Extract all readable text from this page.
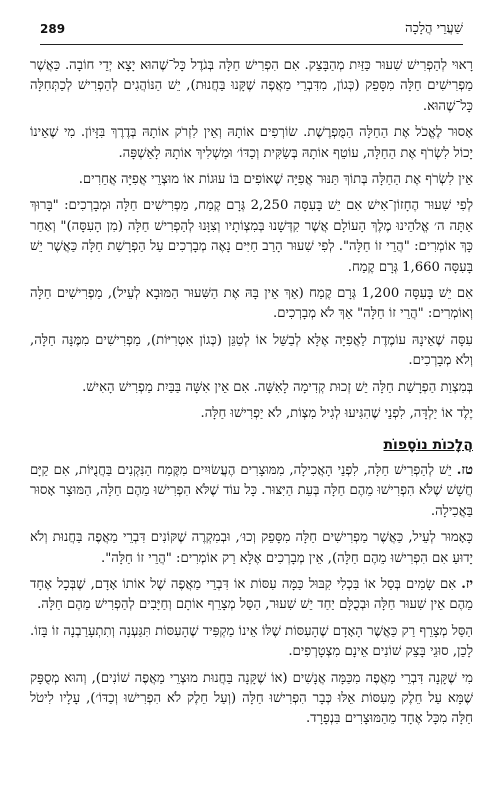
289	שַׁעֲרֵי הֲלָכָה

רָאוּי לְהַפְרִישׁ שִׁעוּר כַּזַּיִת מְהַבָּצֵק. אִם הִפְרִישׁ חַלָּה בְּגֹדֶל כָּל־שֶׁהוּא יָצָא יְדֵי חוֹבָה. כַּאֲשֶׁר מַפְרִישִׁים חַלָּה מִסָּפֵק (כְּגוֹן, מִדִּבְרֵי מַאֲפֶה שֶׁקָּנוּ בַּחֲנוּת), יֵשׁ הַנּוֹהֲגִים לְהַפְרִישׁ לְכַתְּחִלָּה כָּל־שֶׁהוּא.

אָסוּר לֶאֱכֹל אֶת הַחַלָּה הַמֻּפְרֶשֶׁת. שׂוֹרְפִים אוֹתָהּ וְאֵין לִזְרֹק אוֹתָהּ בְּדֶרֶךְ בִּזָּיוֹן. מִי שֶׁאֵינוֹ יָכוֹל לִשְׂרֹף אֶת הַחַלָּה, עוֹטֵף אוֹתָהּ בְּשַׂקִּית וְכַדּוֹ׳ וּמַשְׁלִיךְ אוֹתָהּ לָאַשְׁפָּה.

אֵין לִשְׂרֹף אֶת הַחַלָּה בְּתוֹךְ תַּנּוּר אֲפִיָּה שֶׁאוֹפִים בּוֹ עוּגוֹת אוֹ מוּצְרֵי אֲפִיָּה אֲחֵרִים.

לְפִי שִׁעוּר הֶחָזוֹן־אִישׁ אִם יֵשׁ בָּעִסָּה 2,250 גְּרָם קֶמַח, מַפְרִישִׁים חַלָּה וּמְבָרְכִים: "בָּרוּךְ אַתָּה ה׳ אֱלֹהֵינוּ מֶלֶךְ הָעוֹלָם אֲשֶׁר קִדְּשָׁנוּ בְּמִצְוֹתָיו וְצִוָּנוּ לְהַפְרִישׁ חַלָּה (מִן הָעִסָּה)" וְאַחַר כָּךְ אוֹמְרִים: "הֲרֵי זוֹ חַלָּה". לְפִי שִׁעוּר הָרַב חַיִּים נָאֶה מְבָרְכִים עַל הַפְרָשַׁת חַלָּה כַּאֲשֶׁר יֵשׁ בָּעִסָּה 1,660 גְּרָם קֶמַח.

אִם יֵשׁ בָּעִסָּה 1,200 גְּרָם קֶמַח (אַךְ אֵין בָּהּ אֶת הַשִּׁעוּר הַמּוּבָא לְעֵיל), מַפְרִישִׁים חַלָּה וְאוֹמְרִים: "הֲרֵי זוֹ חַלָּה" אַךְ לֹא מְבָרְכִים.

עִסָּה שֶׁאֵינָהּ עוֹמֶדֶת לַאֲפִיָּה אֶלָּא לְבַשֵּׁל אוֹ לְטַגֵּן (כְּגוֹן אִטְרִיּוֹת), מַפְרִישִׁים מִמֶּנָּה חַלָּה, וְלֹא מְבָרְכִים.

בְּמִצְוַת הַפְרָשַׁת חַלָּה יֵשׁ זְכוּת קְדִימָה לָאִשָּׁה. אִם אֵין אִשָּׁה בַּבַּיִת מַפְרִישׁ הָאִישׁ.

יֶלֶד אוֹ יַלְדָּה, לִפְנֵי שֶׁהִגִּיעוּ לְגִיל מִצְוֹת, לֹא יַפְרִישׁוּ חַלָּה.

הֲלָכוֹת נוֹסָפוֹת

טז. יֵשׁ לְהַפְרִישׁ חַלָּה, לִפְנֵי הָאֲכִילָה, מִמּוּצָרִים הֶעֲשׂוּיִים מִקֶּמַח הַנִּקְנִים בַּחֲנֻיּוֹת, אִם קַיָּם חֲשָׁשׁ שֶׁלֹּא הִפְרִישׁוּ מֵהֶם חַלָּה בְּעֵת הַיִּצּוּר. כָּל עוֹד שֶׁלֹּא הִפְרִישׁוּ מֵהֶם חַלָּה, הַמּוּצָר אָסוּר בַּאֲכִילָה.

כָּאָמוּר לְעֵיל, כַּאֲשֶׁר מַפְרִישִׁים חַלָּה מִסָּפֵק וְכוּ׳, וּבְמִקְרֶה שֶׁקּוֹנִים דִּבְרֵי מַאֲפֶה בַּחֲנוּת וְלֹא יָדוּעַ אִם הִפְרִישׁוּ מֵהֶם חַלָּה), אֵין מְבָרְכִים אֶלָּא רַק אוֹמְרִים: "הֲרֵי זוֹ חַלָּה".

יז. אִם שָׂמִים בְּסַל אוֹ בִּכְלִי קִבּוּל כַּמָּה עִסּוֹת אוֹ דִּבְרֵי מַאֲפֶה שֶׁל אוֹתוֹ אָדָם, שֶׁבְּכָל אֶחָד מֵהֶם אֵין שִׁעוּר חַלָּה וּבְכֻלָּם יַחַד יֵשׁ שִׁעוּר, הַסַּל מְצָרֵף אוֹתָם וְחַיָּבִים לְהַפְרִישׁ מֵהֶם חַלָּה.

הַסַּל מְצָרֵף רַק כַּאֲשֶׁר הָאָדָם שֶׁהָעִסּוֹת שֶׁלּוֹ אֵינוֹ מַקְפִּיד שֶׁהָעִסּוֹת תִּגַּעְנָה וְתִתְעָרַבְנָה זוֹ בָּזוֹ. לָכֵן, סוּגֵי בָּצֵק שׁוֹנִים אֵינָם מִצְטָרְפִים.

מִי שֶׁקָּנָה דִּבְרֵי מַאֲפֶה מִכַּמָּה אֲנָשִׁים (אוֹ שֶׁקָּנָה בַּחֲנוּת מוּצְרֵי מַאֲפֶה שׁוֹנִים), וְהוּא מְסֻפָּק שֶׁמָּא עַל חֵלֶק מֵעִסּוֹת אֵלּוּ כְּבָר הִפְרִישׁוּ חַלָּה (וְעַל חֵלֶק לֹא הִפְרִישׁוּ וְכַדּוֹ׳), עָלָיו לִיטֹל חַלָּה מִכָּל אֶחָד מֵהַמּוּצָרִים בִּנְפָרָד.
